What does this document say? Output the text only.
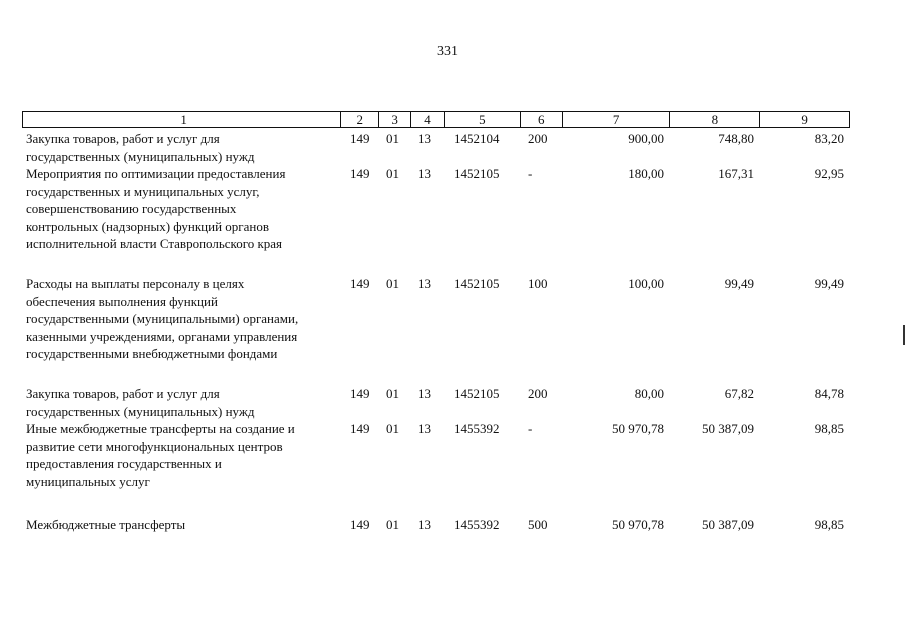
331
1	2	3	4	5	6	7	8	9
Закупка товаров, работ и услуг для
государственных (муниципальных) нужд
149	01	13	1452104	200	900,00	748,80	83,20
Мероприятия по оптимизации предоставления
государственных и муниципальных услуг,
совершенствованию государственных
контрольных (надзорных) функций органов
исполнительной власти Ставропольского края
149	01	13	1452105	-	180,00	167,31	92,95
Расходы на выплаты персоналу в целях
обеспечения выполнения функций
государственными (муниципальными) органами,
казенными учреждениями, органами управления
государственными внебюджетными фондами
149	01	13	1452105	100	100,00	99,49	99,49
Закупка товаров, работ и услуг для
государственных (муниципальных) нужд
149	01	13	1452105	200	80,00	67,82	84,78
Иные межбюджетные трансферты на создание и
развитие сети многофункциональных центров
предоставления государственных и
муниципальных услуг
149	01	13	1455392	-	50 970,78	50 387,09	98,85
Межбюджетные трансферты	149	01	13	1455392	500	50 970,78	50 387,09	98,85
